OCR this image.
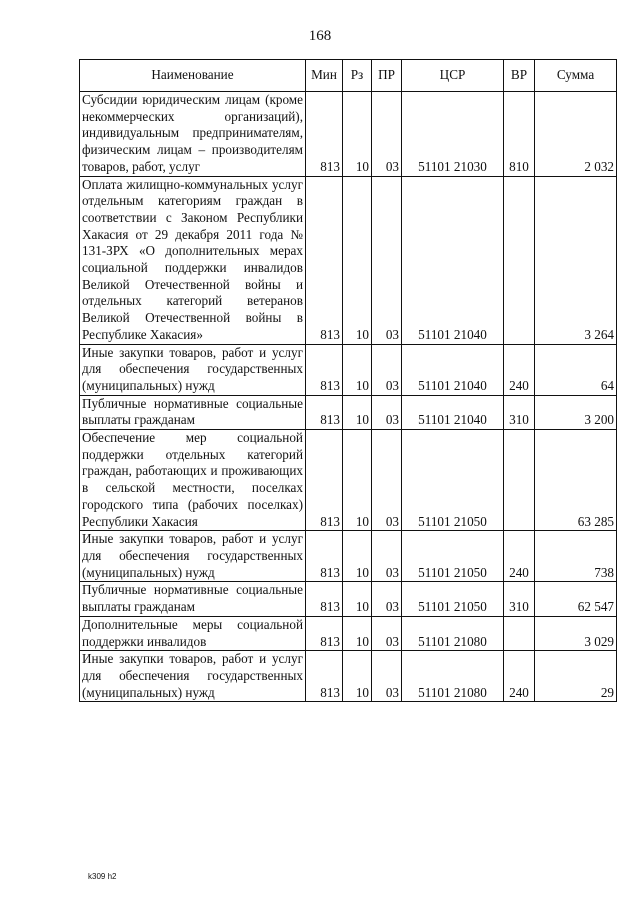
168
Наименование	Мин	Рз	ПР	ЦСР	ВР	Сумма
Субсидии юридическим лицам (кроме некоммерческих организаций), индивидуальным предпринимателям, физическим лицам – производителям товаров, работ, услуг	813	10	03	51101 21030	810	2 032
Оплата жилищно-коммунальных услуг отдельным категориям граждан в соответствии с Законом Республики Хакасия от 29 декабря 2011 года № 131-ЗРХ «О дополнительных мерах социальной поддержки инвалидов Великой Отечественной войны и отдельных категорий ветеранов Великой Отечественной войны в Республике Хакасия»	813	10	03	51101 21040		3 264
Иные закупки товаров, работ и услуг для обеспечения государственных (муниципальных) нужд	813	10	03	51101 21040	240	64
Публичные нормативные социальные выплаты гражданам	813	10	03	51101 21040	310	3 200
Обеспечение мер социальной поддержки отдельных категорий граждан, работающих и проживающих в сельской местности, поселках городского типа (рабочих поселках) Республики Хакасия	813	10	03	51101 21050		63 285
Иные закупки товаров, работ и услуг для обеспечения государственных (муниципальных) нужд	813	10	03	51101 21050	240	738
Публичные нормативные социальные выплаты гражданам	813	10	03	51101 21050	310	62 547
Дополнительные меры социальной поддержки инвалидов	813	10	03	51101 21080		3 029
Иные закупки товаров, работ и услуг для обеспечения государственных (муниципальных) нужд	813	10	03	51101 21080	240	29
k309 h2
